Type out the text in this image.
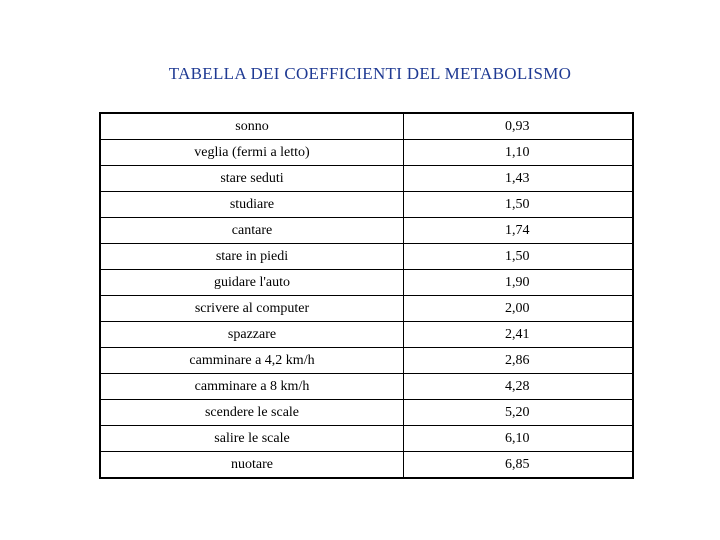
TABELLA DEI COEFFICIENTI DEL METABOLISMO
sonno	0,93
veglia (fermi a letto)	1,10
stare seduti	1,43
studiare	1,50
cantare	1,74
stare in piedi	1,50
guidare l'auto	1,90
scrivere al computer	2,00
spazzare	2,41
camminare a 4,2 km/h	2,86
camminare a 8 km/h	4,28
scendere le scale	5,20
salire le scale	6,10
nuotare	6,85
